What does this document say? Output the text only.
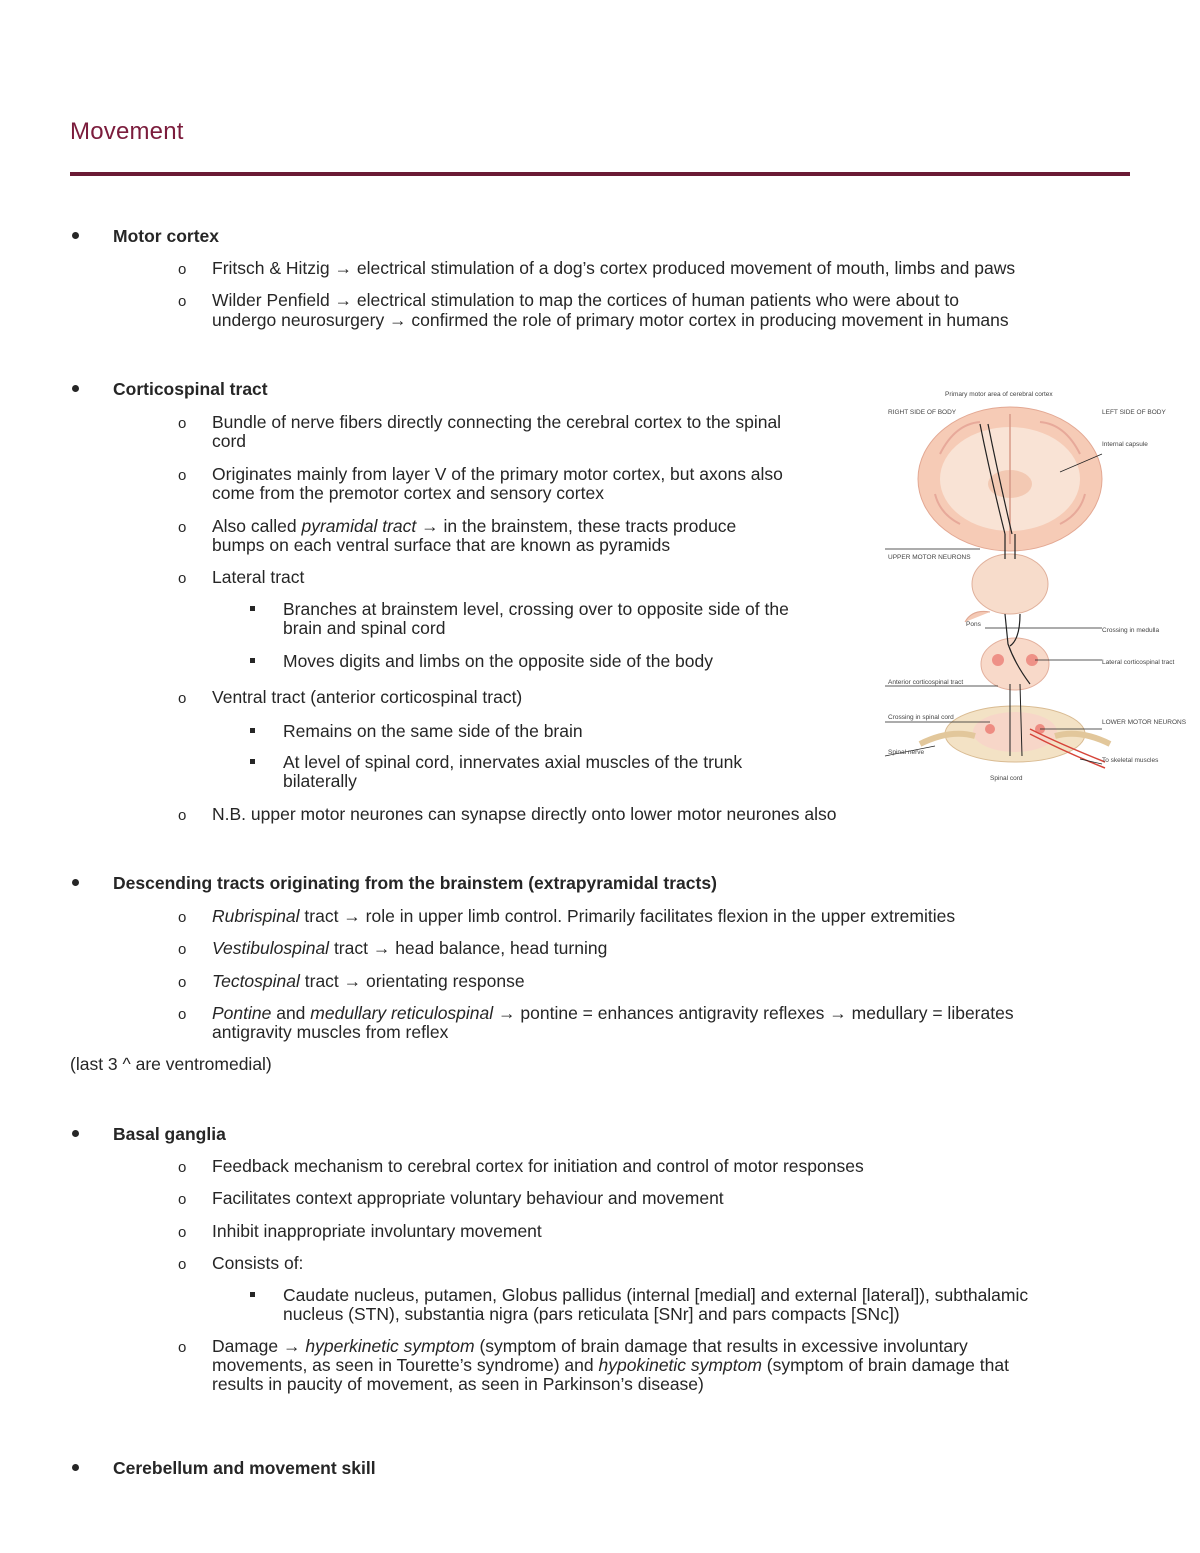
Movement
Motor cortex
o Fritsch & Hitzig → electrical stimulation of a dog’s cortex produced movement of mouth, limbs and paws
o Wilder Penfield → electrical stimulation to map the cortices of human patients who were about to
undergo neurosurgery → confirmed the role of primary motor cortex in producing movement in humans
Corticospinal tract
o Bundle of nerve fibers directly connecting the cerebral cortex to the spinal
cord
o Originates mainly from layer V of the primary motor cortex, but axons also
come from the premotor cortex and sensory cortex
o Also called pyramidal tract → in the brainstem, these tracts produce
bumps on each ventral surface that are known as pyramids
o Lateral tract
Branches at brainstem level, crossing over to opposite side of the
brain and spinal cord
Moves digits and limbs on the opposite side of the body
o Ventral tract (anterior corticospinal tract)
Remains on the same side of the brain
At level of spinal cord, innervates axial muscles of the trunk
bilaterally
o N.B. upper motor neurones can synapse directly onto lower motor neurones also
Primary motor area of cerebral cortex
RIGHT SIDE OF BODY	LEFT SIDE OF BODY
Internal capsule
UPPER MOTOR NEURONS
Pons
Crossing in medulla
Lateral corticospinal tract
Anterior corticospinal tract
Crossing in spinal cord
LOWER MOTOR NEURONS
Spinal nerve
To skeletal muscles
Spinal cord
Descending tracts originating from the brainstem (extrapyramidal tracts)
o Rubrispinal tract → role in upper limb control. Primarily facilitates flexion in the upper extremities
o Vestibulospinal tract → head balance, head turning
o Tectospinal tract → orientating response
o Pontine and medullary reticulospinal → pontine = enhances antigravity reflexes → medullary = liberates
antigravity muscles from reflex
(last 3 ^ are ventromedial)
Basal ganglia
o Feedback mechanism to cerebral cortex for initiation and control of motor responses
o Facilitates context appropriate voluntary behaviour and movement
o Inhibit inappropriate involuntary movement
o Consists of:
Caudate nucleus, putamen, Globus pallidus (internal [medial] and external [lateral]), subthalamic
nucleus (STN), substantia nigra (pars reticulata [SNr] and pars compacts [SNc])
o Damage → hyperkinetic symptom (symptom of brain damage that results in excessive involuntary
movements, as seen in Tourette’s syndrome) and hypokinetic symptom (symptom of brain damage that
results in paucity of movement, as seen in Parkinson’s disease)
Cerebellum and movement skill
